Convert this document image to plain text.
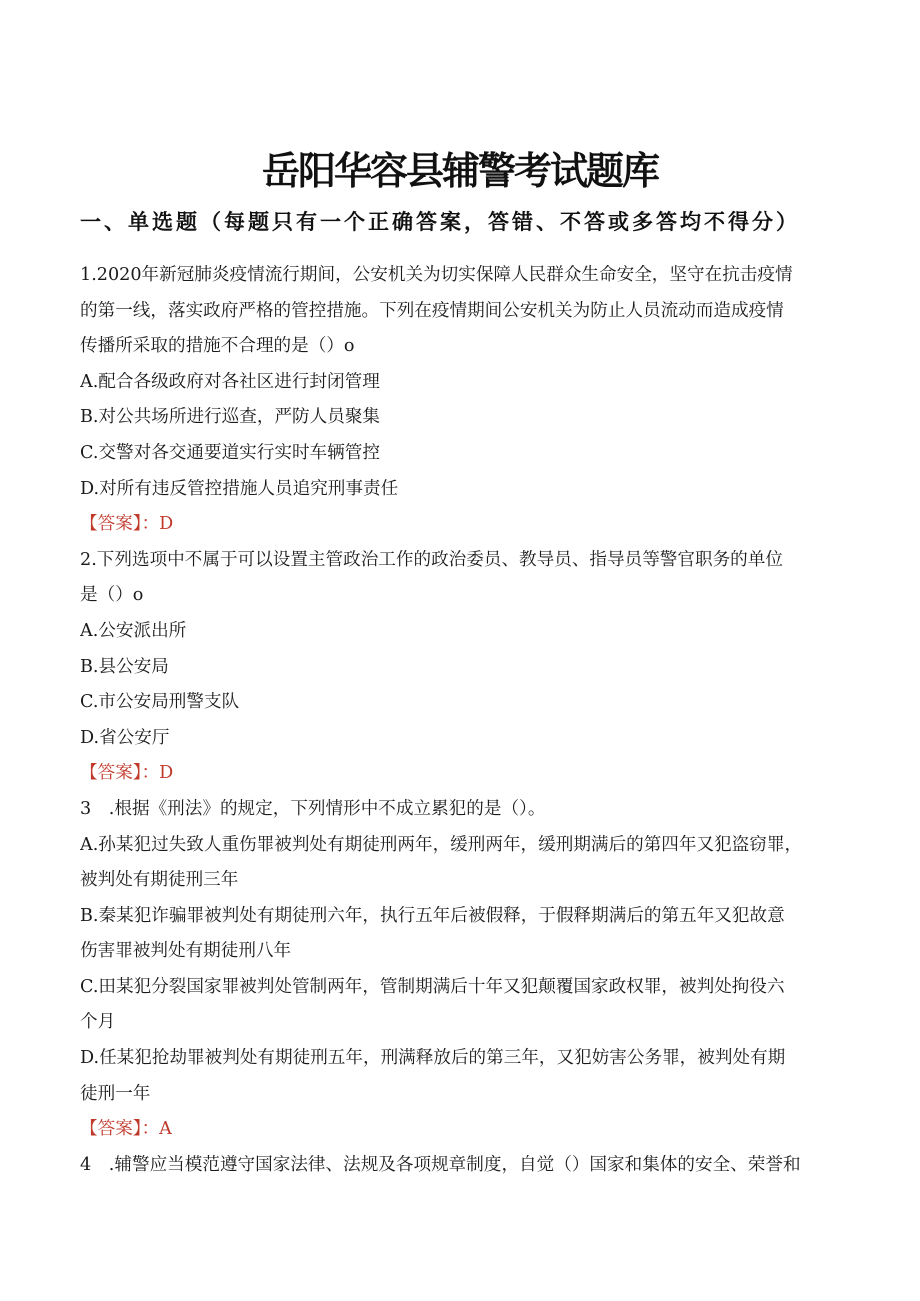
岳阳华容县辅警考试题库
一、单选题（每题只有一个正确答案，答错、不答或多答均不得分）
1.2020年新冠肺炎疫情流行期间，公安机关为切实保障人民群众生命安全，坚守在抗击疫情
的第一线，落实政府严格的管控措施。下列在疫情期间公安机关为防止人员流动而造成疫情
传播所采取的措施不合理的是（）o
A.配合各级政府对各社区进行封闭管理
B.对公共场所进行巡查，严防人员聚集
C.交警对各交通要道实行实时车辆管控
D.对所有违反管控措施人员追究刑事责任
【答案】：D
2.下列选项中不属于可以设置主管政治工作的政治委员、教导员、指导员等警官职务的单位
是（）o
A.公安派出所
B.县公安局
C.市公安局刑警支队
D.省公安厅
【答案】：D
3　.根据《刑法》的规定，下列情形中不成立累犯的是（）。
A.孙某犯过失致人重伤罪被判处有期徒刑两年，缓刑两年，缓刑期满后的第四年又犯盗窃罪，
被判处有期徒刑三年
B.秦某犯诈骗罪被判处有期徒刑六年，执行五年后被假释，于假释期满后的第五年又犯故意
伤害罪被判处有期徒刑八年
C.田某犯分裂国家罪被判处管制两年，管制期满后十年又犯颠覆国家政权罪，被判处拘役六
个月
D.任某犯抢劫罪被判处有期徒刑五年，刑满释放后的第三年，又犯妨害公务罪，被判处有期
徒刑一年
【答案】：A
4　.辅警应当模范遵守国家法律、法规及各项规章制度，自觉（）国家和集体的安全、荣誉和
